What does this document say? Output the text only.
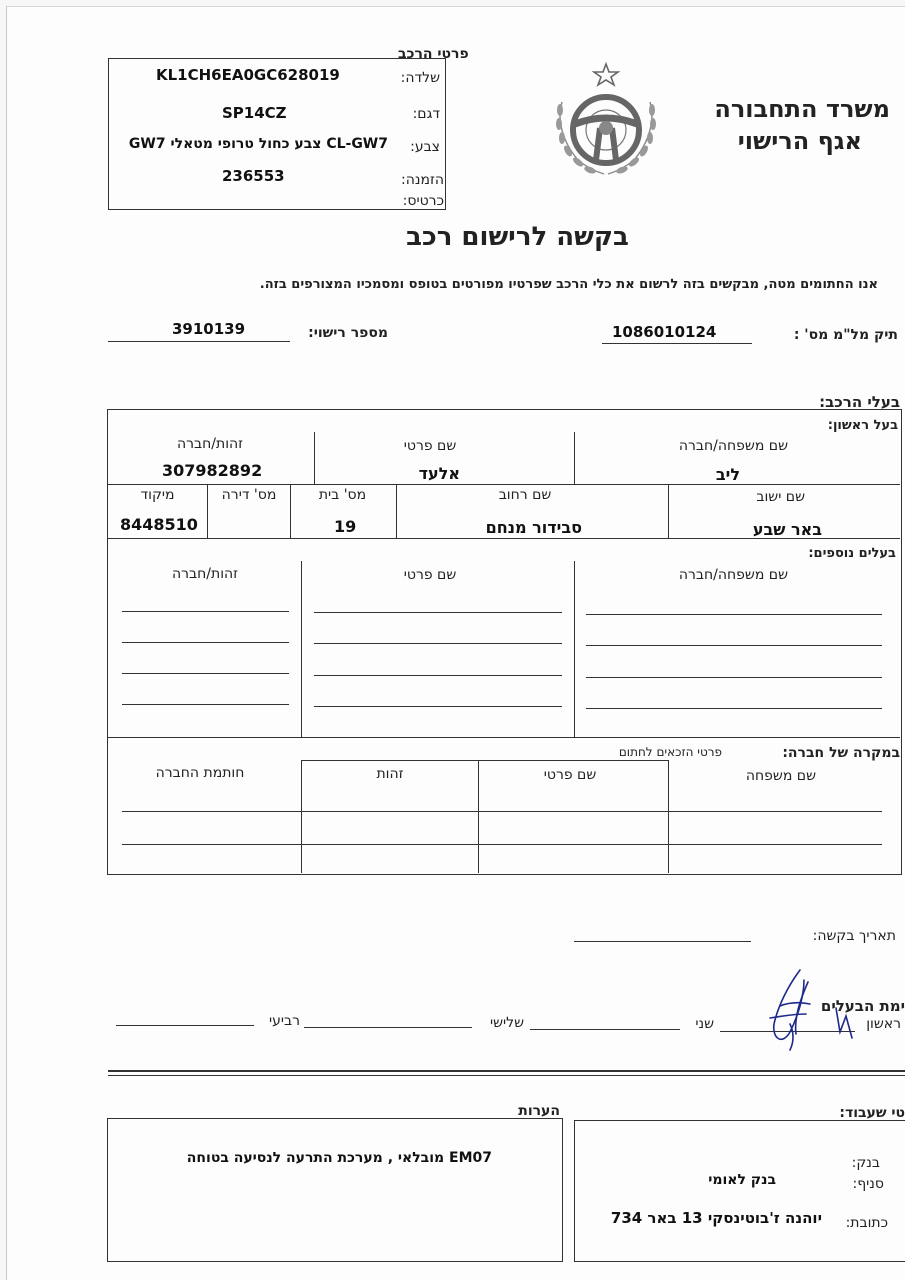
פרטי הרכב
שלדה:
KL1CH6EA0GC628019
דגם:
SP14CZ
צבע:
CL-GW7 צבע כחול טרופי מטאלי GW7
הזמנה:
236553
כרטיס:
משרד התחבורה
אגף הרישוי
בקשה לרישום רכב
אנו החתומים מטה, מבקשים בזה לרשום את כלי הרכב שפרטיו מפורטים בטופס ומסמכיו המצורפים בזה.
תיק מל"מ מס' :
1086010124
מספר רישוי:
3910139
בעלי הרכב:
בעל ראשון:
שם משפחה/חברה
שם פרטי
זהות/חברה
ליב
אלעד
307982892
שם ישוב
שם רחוב
מס' בית
מס' דירה
מיקוד
באר שבע
סבידור מנחם
19
8448510
בעלים נוספים:
שם משפחה/חברה
שם פרטי
זהות/חברה
במקרה של חברה:
פרטי הזכאים לחתום
שם משפחה
שם פרטי
זהות
חותמת החברה
תאריך בקשה:
ימת הבעלים
ראשון
שני
שלישי
רביעי
טי שעבוד:
בנק:
סניף:
בנק לאומי
כתובת:
יוהנה ז'בוטינסקי 13 באר 734
הערות
EM07 מובלאי , מערכת התרעה לנסיעה בטוחה
